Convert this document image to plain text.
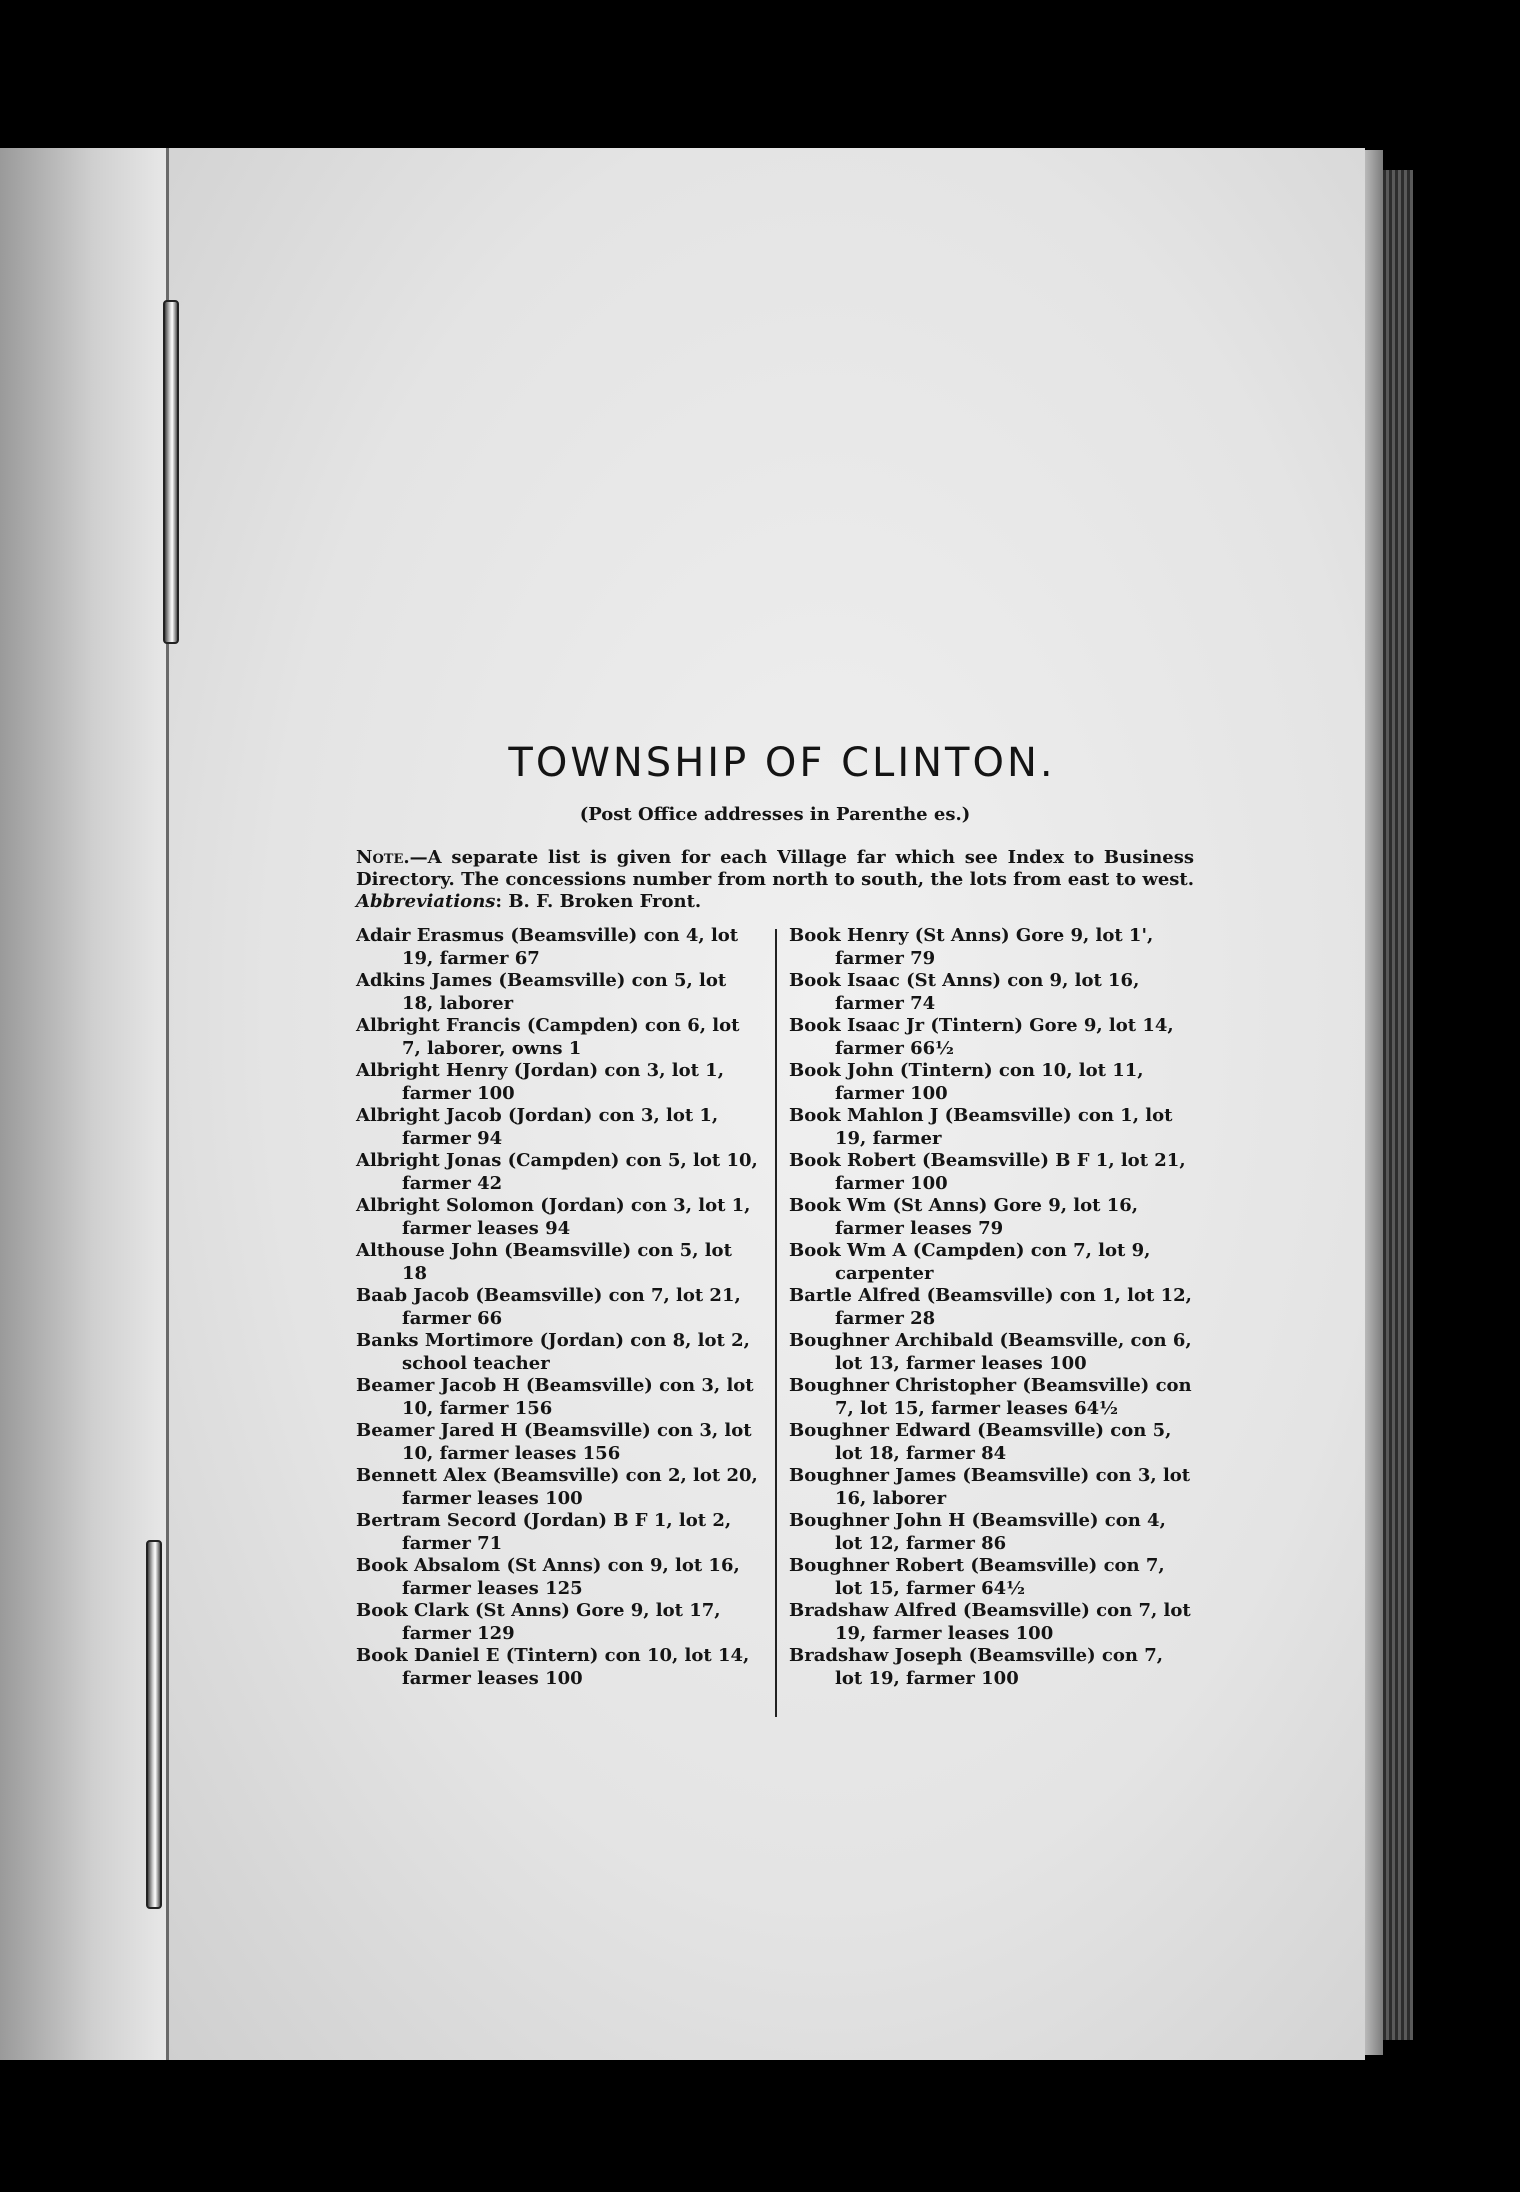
TOWNSHIP OF CLINTON.
(Post Office addresses in Parenthe es.)
Note.—A separate list is given for each Village far which see Index to Business Directory. The concessions number from north to south, the lots from east to west. Abbreviations: B. F. Broken Front.

Adair Erasmus (Beamsville) con 4, lot 19, farmer 67

Adkins James (Beamsville) con 5, lot 18, laborer

Albright Francis (Campden) con 6, lot 7, laborer, owns 1

Albright Henry (Jordan) con 3, lot 1, farmer 100

Albright Jacob (Jordan) con 3, lot 1, farmer 94

Albright Jonas (Campden) con 5, lot 10, farmer 42

Albright Solomon (Jordan) con 3, lot 1, farmer leases 94

Althouse John (Beamsville) con 5, lot 18

Baab Jacob (Beamsville) con 7, lot 21, farmer 66

Banks Mortimore (Jordan) con 8, lot 2, school teacher

Beamer Jacob H (Beamsville) con 3, lot 10, farmer 156

Beamer Jared H (Beamsville) con 3, lot 10, farmer leases 156

Bennett Alex (Beamsville) con 2, lot 20, farmer leases 100

Bertram Secord (Jordan) B F 1, lot 2, farmer 71

Book Absalom (St Anns) con 9, lot 16, farmer leases 125

Book Clark (St Anns) Gore 9, lot 17, farmer 129

Book Daniel E (Tintern) con 10, lot 14, farmer leases 100

Book Henry (St Anns) Gore 9, lot 1', farmer 79

Book Isaac (St Anns) con 9, lot 16, farmer 74

Book Isaac Jr (Tintern) Gore 9, lot 14, farmer 66½

Book John (Tintern) con 10, lot 11, farmer 100

Book Mahlon J (Beamsville) con 1, lot 19, farmer

Book Robert (Beamsville) B F 1, lot 21, farmer 100

Book Wm (St Anns) Gore 9, lot 16, farmer leases 79

Book Wm A (Campden) con 7, lot 9, carpenter

Bartle Alfred (Beamsville) con 1, lot 12, farmer 28

Boughner Archibald (Beamsville, con 6, lot 13, farmer leases 100

Boughner Christopher (Beamsville) con 7, lot 15, farmer leases 64½

Boughner Edward (Beamsville) con 5, lot 18, farmer 84

Boughner James (Beamsville) con 3, lot 16, laborer

Boughner John H (Beamsville) con 4, lot 12, farmer 86

Boughner Robert (Beamsville) con 7, lot 15, farmer 64½

Bradshaw Alfred (Beamsville) con 7, lot 19, farmer leases 100

Bradshaw Joseph (Beamsville) con 7, lot 19, farmer 100
